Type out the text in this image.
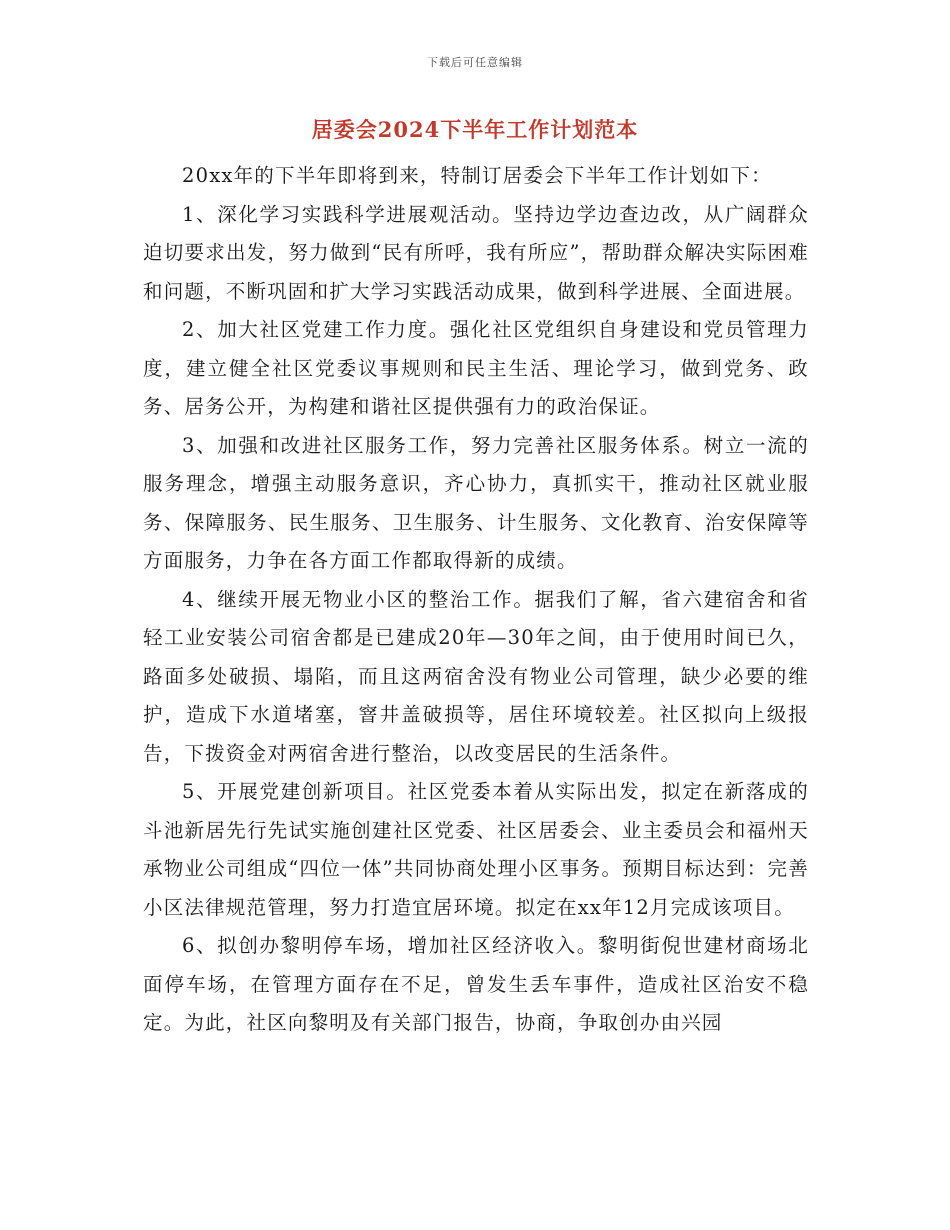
下载后可任意编辑
居委会2024下半年工作计划范本

20xx年的下半年即将到来，特制订居委会下半年工作计划如下：

1、深化学习实践科学进展观活动。坚持边学边查边改，从广阔群众迫切要求出发，努力做到“民有所呼，我有所应”，帮助群众解决实际困难和问题，不断巩固和扩大学习实践活动成果，做到科学进展、全面进展。

2、加大社区党建工作力度。强化社区党组织自身建设和党员管理力度，建立健全社区党委议事规则和民主生活、理论学习，做到党务、政务、居务公开，为构建和谐社区提供强有力的政治保证。

3、加强和改进社区服务工作，努力完善社区服务体系。树立一流的服务理念，增强主动服务意识，齐心协力，真抓实干，推动社区就业服务、保障服务、民生服务、卫生服务、计生服务、文化教育、治安保障等方面服务，力争在各方面工作都取得新的成绩。

4、继续开展无物业小区的整治工作。据我们了解，省六建宿舍和省轻工业安装公司宿舍都是已建成20年—30年之间，由于使用时间已久，路面多处破损、塌陷，而且这两宿舍没有物业公司管理，缺少必要的维护，造成下水道堵塞，窨井盖破损等，居住环境较差。社区拟向上级报告，下拨资金对两宿舍进行整治，以改变居民的生活条件。

5、开展党建创新项目。社区党委本着从实际出发，拟定在新落成的斗池新居先行先试实施创建社区党委、社区居委会、业主委员会和福州天承物业公司组成“四位一体”共同协商处理小区事务。预期目标达到：完善小区法律规范管理，努力打造宜居环境。拟定在xx年12月完成该项目。

6、拟创办黎明停车场，增加社区经济收入。黎明街倪世建材商场北面停车场，在管理方面存在不足，曾发生丢车事件，造成社区治安不稳定。为此，社区向黎明及有关部门报告，协商，争取创办由兴园
